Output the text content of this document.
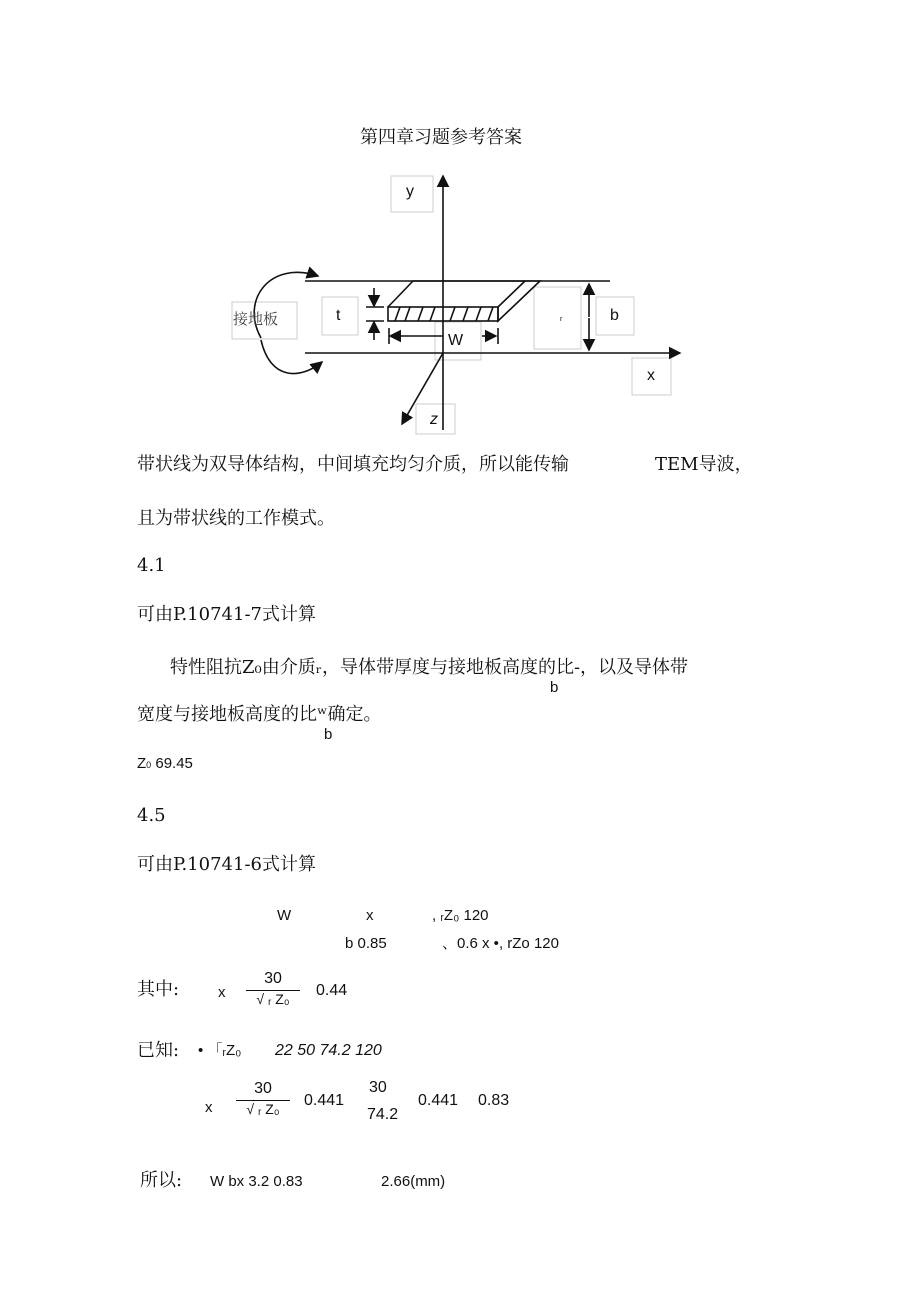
第四章习题参考答案
y
接地板	t
W
r	b
x
z
带状线为双导体结构，中间填充均匀介质，所以能传输	TEM导波，
且为带状线的工作模式。
4.1
可由P.10741-7式计算
特性阻抗Z₀由介质ᵣ，导体带厚度与接地板高度的比-，以及导体带
b
宽度与接地板高度的比ʷ确定。
b
Z0 69.45
4.5
可由P.10741-6式计算
W	x	, ᵣZ₀ 120
b 0.85	、0.6 x •, rZo 120
其中:	x $\frac{30}{\text{√ ᵣ Z₀}} 0.44$
已知: • 「ᵣZ₀ 22 50 74.2 120
x $\frac{30}{\text{√ ᵣ Z₀}} 0.441$
30
74.2
0.441 0.83
所以: W bx 3.2 0.83	2.66(mm)
